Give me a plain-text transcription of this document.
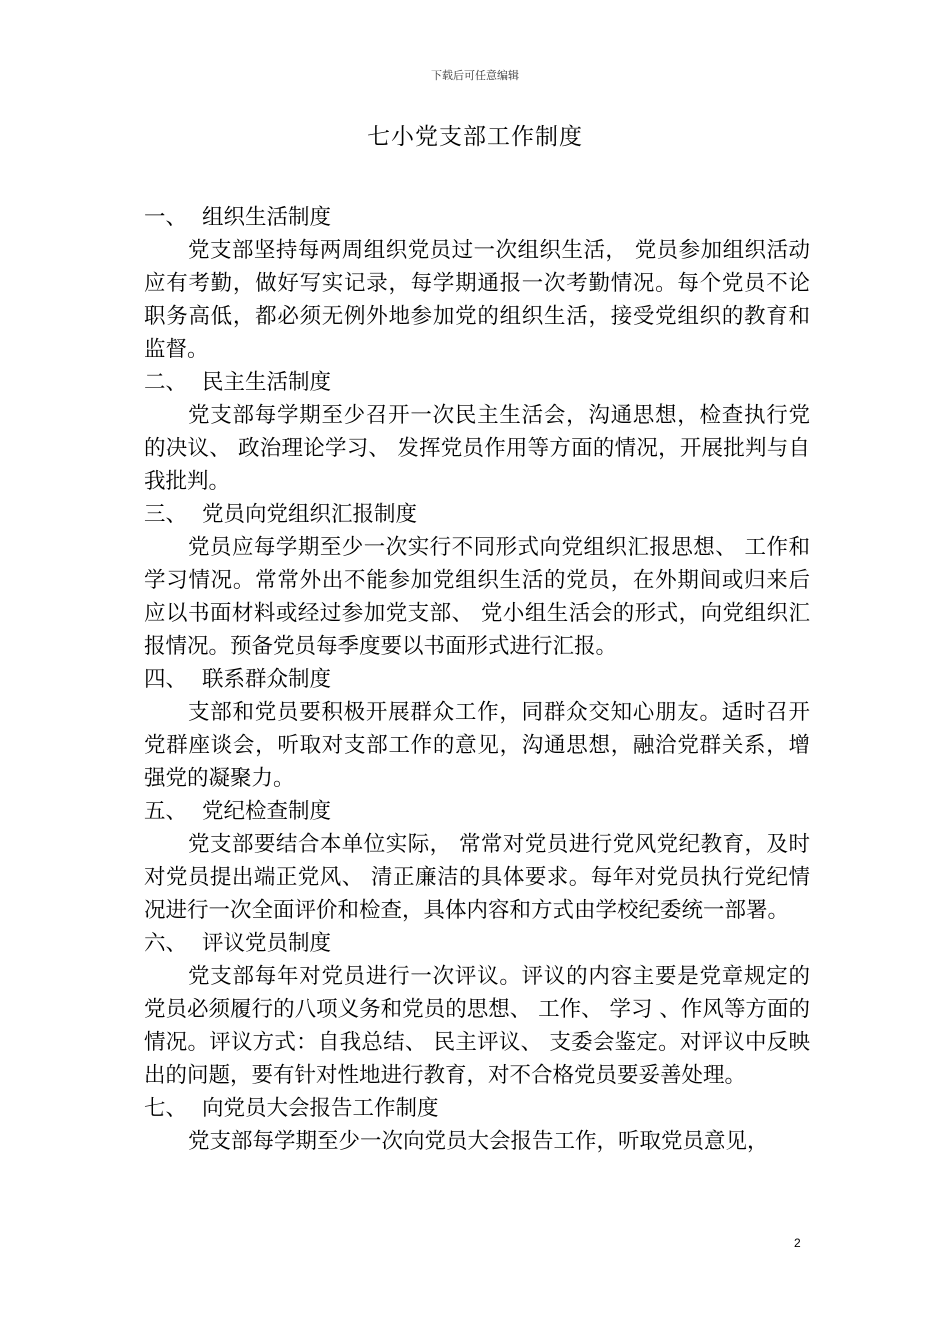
下载后可任意编辑
七小党支部工作制度

一、 组织生活制度

党支部坚持每两周组织党员过一次组织生活， 党员参加组织活动应有考勤，做好写实记录，每学期通报一次考勤情况。每个党员不论职务高低，都必须无例外地参加党的组织生活，接受党组织的教育和监督。

二、 民主生活制度

党支部每学期至少召开一次民主生活会，沟通思想，检查执行党的决议、 政治理论学习、 发挥党员作用等方面的情况，开展批判与自我批判。

三、 党员向党组织汇报制度

党员应每学期至少一次实行不同形式向党组织汇报思想、 工作和学习情况。常常外出不能参加党组织生活的党员，在外期间或归来后应以书面材料或经过参加党支部、 党小组生活会的形式，向党组织汇报情况。预备党员每季度要以书面形式进行汇报。

四、 联系群众制度

支部和党员要积极开展群众工作，同群众交知心朋友。适时召开党群座谈会，听取对支部工作的意见，沟通思想，融洽党群关系，增强党的凝聚力。

五、 党纪检查制度

党支部要结合本单位实际， 常常对党员进行党风党纪教育，及时对党员提出端正党风、 清正廉洁的具体要求。每年对党员执行党纪情况进行一次全面评价和检查，具体内容和方式由学校纪委统一部署。

六、 评议党员制度

党支部每年对党员进行一次评议。评议的内容主要是党章规定的党员必须履行的八项义务和党员的思想、 工作、 学习 、作风等方面的情况。评议方式：自我总结、 民主评议、 支委会鉴定。对评议中反映出的问题，要有针对性地进行教育，对不合格党员要妥善处理。

七、 向党员大会报告工作制度

党支部每学期至少一次向党员大会报告工作，听取党员意见，

2
